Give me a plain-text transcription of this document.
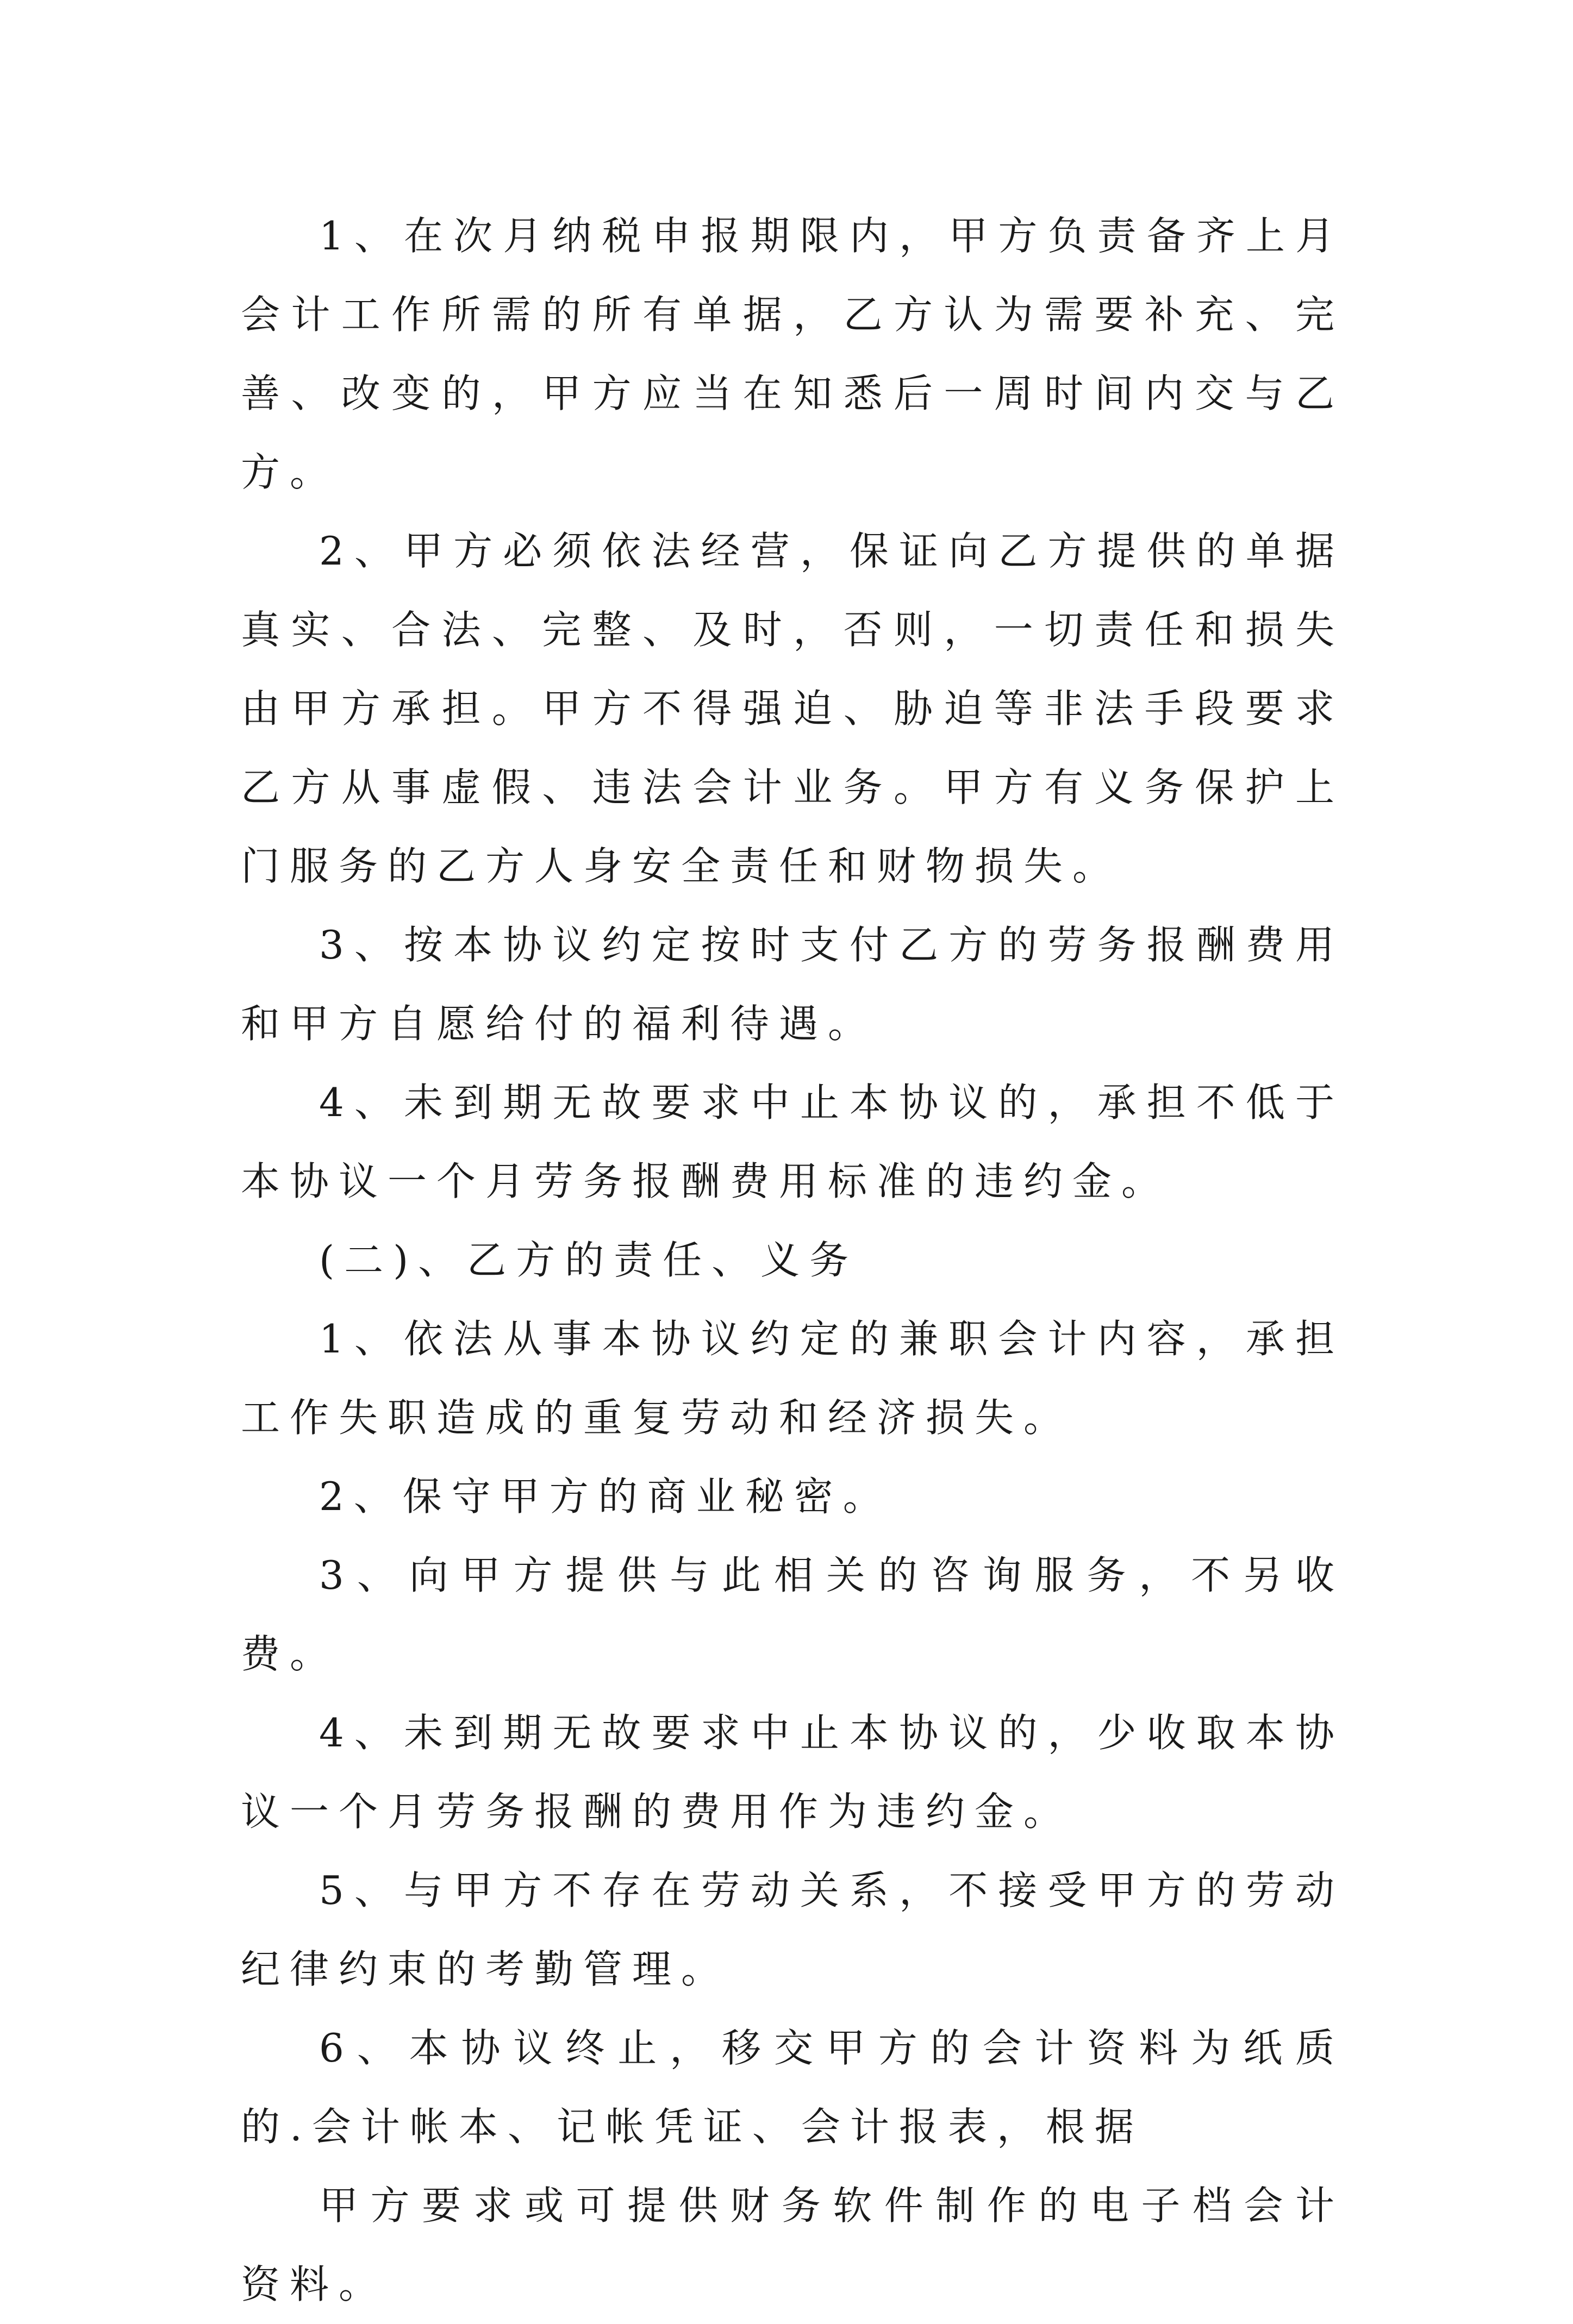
1、在次月纳税申报期限内，甲方负责备齐上月会计工作所需的所有单据，乙方认为需要补充、完善、改变的，甲方应当在知悉后一周时间内交与乙方。

2、甲方必须依法经营，保证向乙方提供的单据真实、合法、完整、及时，否则，一切责任和损失由甲方承担。甲方不得强迫、胁迫等非法手段要求乙方从事虚假、违法会计业务。甲方有义务保护上门服务的乙方人身安全责任和财物损失。

3、按本协议约定按时支付乙方的劳务报酬费用和甲方自愿给付的福利待遇。

4、未到期无故要求中止本协议的，承担不低于本协议一个月劳务报酬费用标准的违约金。

(二)、乙方的责任、义务

1、依法从事本协议约定的兼职会计内容，承担工作失职造成的重复劳动和经济损失。

2、保守甲方的商业秘密。

3、向甲方提供与此相关的咨询服务，不另收费。

4、未到期无故要求中止本协议的，少收取本协议一个月劳务报酬的费用作为违约金。

5、与甲方不存在劳动关系，不接受甲方的劳动纪律约束的考勤管理。

6、本协议终止，移交甲方的会计资料为纸质的.会计帐本、记帐凭证、会计报表，根据

甲方要求或可提供财务软件制作的电子档会计资料。
